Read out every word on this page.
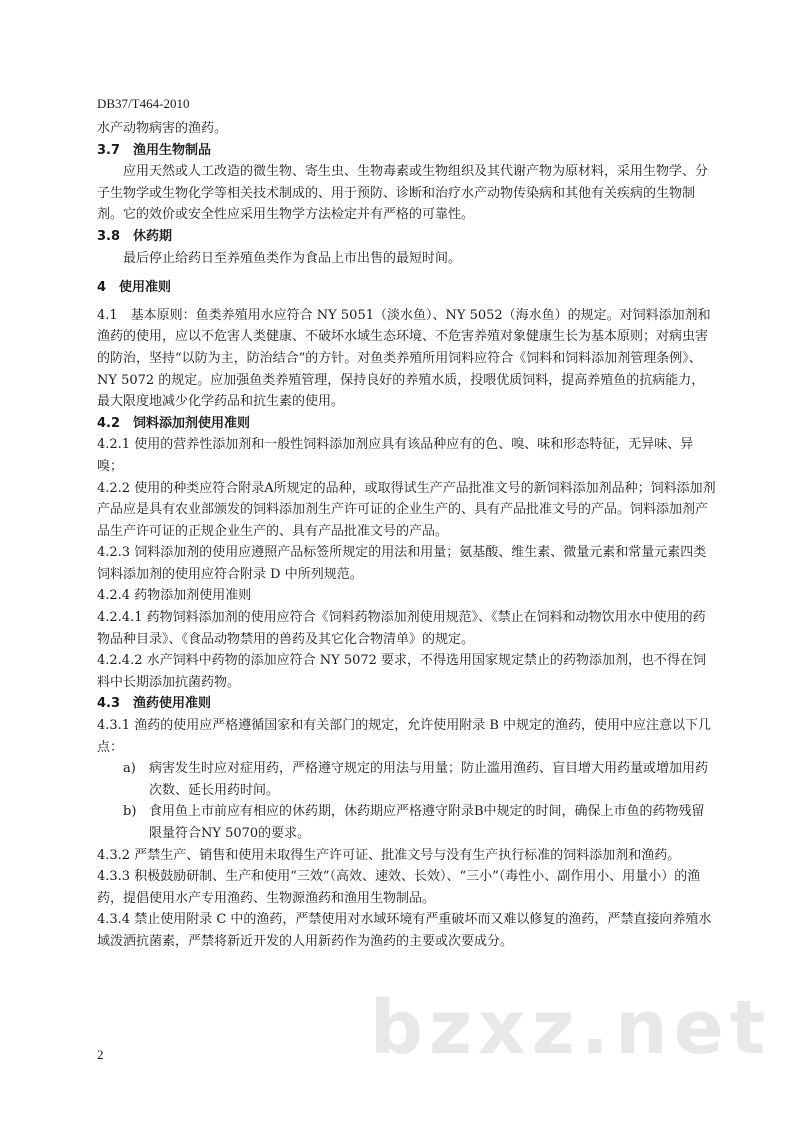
DB37/T464-2010

水产动物病害的渔药。

3.7　渔用生物制品

应用天然或人工改造的微生物、寄生虫、生物毒素或生物组织及其代谢产物为原材料，采用生物学、分子生物学或生物化学等相关技术制成的、用于预防、诊断和治疗水产动物传染病和其他有关疾病的生物制剂。它的效价或安全性应采用生物学方法检定并有严格的可靠性。

3.8　休药期

最后停止给药日至养殖鱼类作为食品上市出售的最短时间。

4　使用准则

4.1　基本原则：鱼类养殖用水应符合 NY 5051（淡水鱼）、NY 5052（海水鱼）的规定。对饲料添加剂和渔药的使用，应以不危害人类健康、不破坏水域生态环境、不危害养殖对象健康生长为基本原则；对病虫害的防治，坚持“以防为主，防治结合”的方针。对鱼类养殖所用饲料应符合《饲料和饲料添加剂管理条例》、NY 5072 的规定。应加强鱼类养殖管理，保持良好的养殖水质，投喂优质饲料，提高养殖鱼的抗病能力，最大限度地减少化学药品和抗生素的使用。

4.2　饲料添加剂使用准则

4.2.1 使用的营养性添加剂和一般性饲料添加剂应具有该品种应有的色、嗅、味和形态特征，无异味、异嗅；

4.2.2 使用的种类应符合附录A所规定的品种，或取得试生产产品批准文号的新饲料添加剂品种；饲料添加剂产品应是具有农业部颁发的饲料添加剂生产许可证的企业生产的、具有产品批准文号的产品。饲料添加剂产品生产许可证的正规企业生产的、具有产品批准文号的产品。

4.2.3 饲料添加剂的使用应遵照产品标签所规定的用法和用量；氨基酸、维生素、微量元素和常量元素四类饲料添加剂的使用应符合附录 D 中所列规范。

4.2.4 药物添加剂使用准则

4.2.4.1 药物饲料添加剂的使用应符合《饲料药物添加剂使用规范》、《禁止在饲料和动物饮用水中使用的药物品种目录》、《食品动物禁用的兽药及其它化合物清单》的规定。

4.2.4.2 水产饲料中药物的添加应符合 NY 5072 要求，不得选用国家规定禁止的药物添加剂，也不得在饲料中长期添加抗菌药物。

4.3　渔药使用准则

4.3.1 渔药的使用应严格遵循国家和有关部门的规定，允许使用附录 B 中规定的渔药，使用中应注意以下几点：

a)	病害发生时应对症用药，严格遵守规定的用法与用量；防止滥用渔药、盲目增大用药量或增加用药次数、延长用药时间。
b) 食用鱼上市前应有相应的休药期，休药期应严格遵守附录B中规定的时间，确保上市鱼的药物残留限量符合NY 5070的要求。

4.3.2 严禁生产、销售和使用未取得生产许可证、批准文号与没有生产执行标准的饲料添加剂和渔药。

4.3.3 积极鼓励研制、生产和使用“三效”（高效、速效、长效）、“三小”（毒性小、副作用小、用量小）的渔药，提倡使用水产专用渔药、生物源渔药和渔用生物制品。

4.3.4 禁止使用附录 C 中的渔药，严禁使用对水域环境有严重破坏而又难以修复的渔药，严禁直接向养殖水域泼洒抗菌素，严禁将新近开发的人用新药作为渔药的主要或次要成分。

bzxz.net
2
